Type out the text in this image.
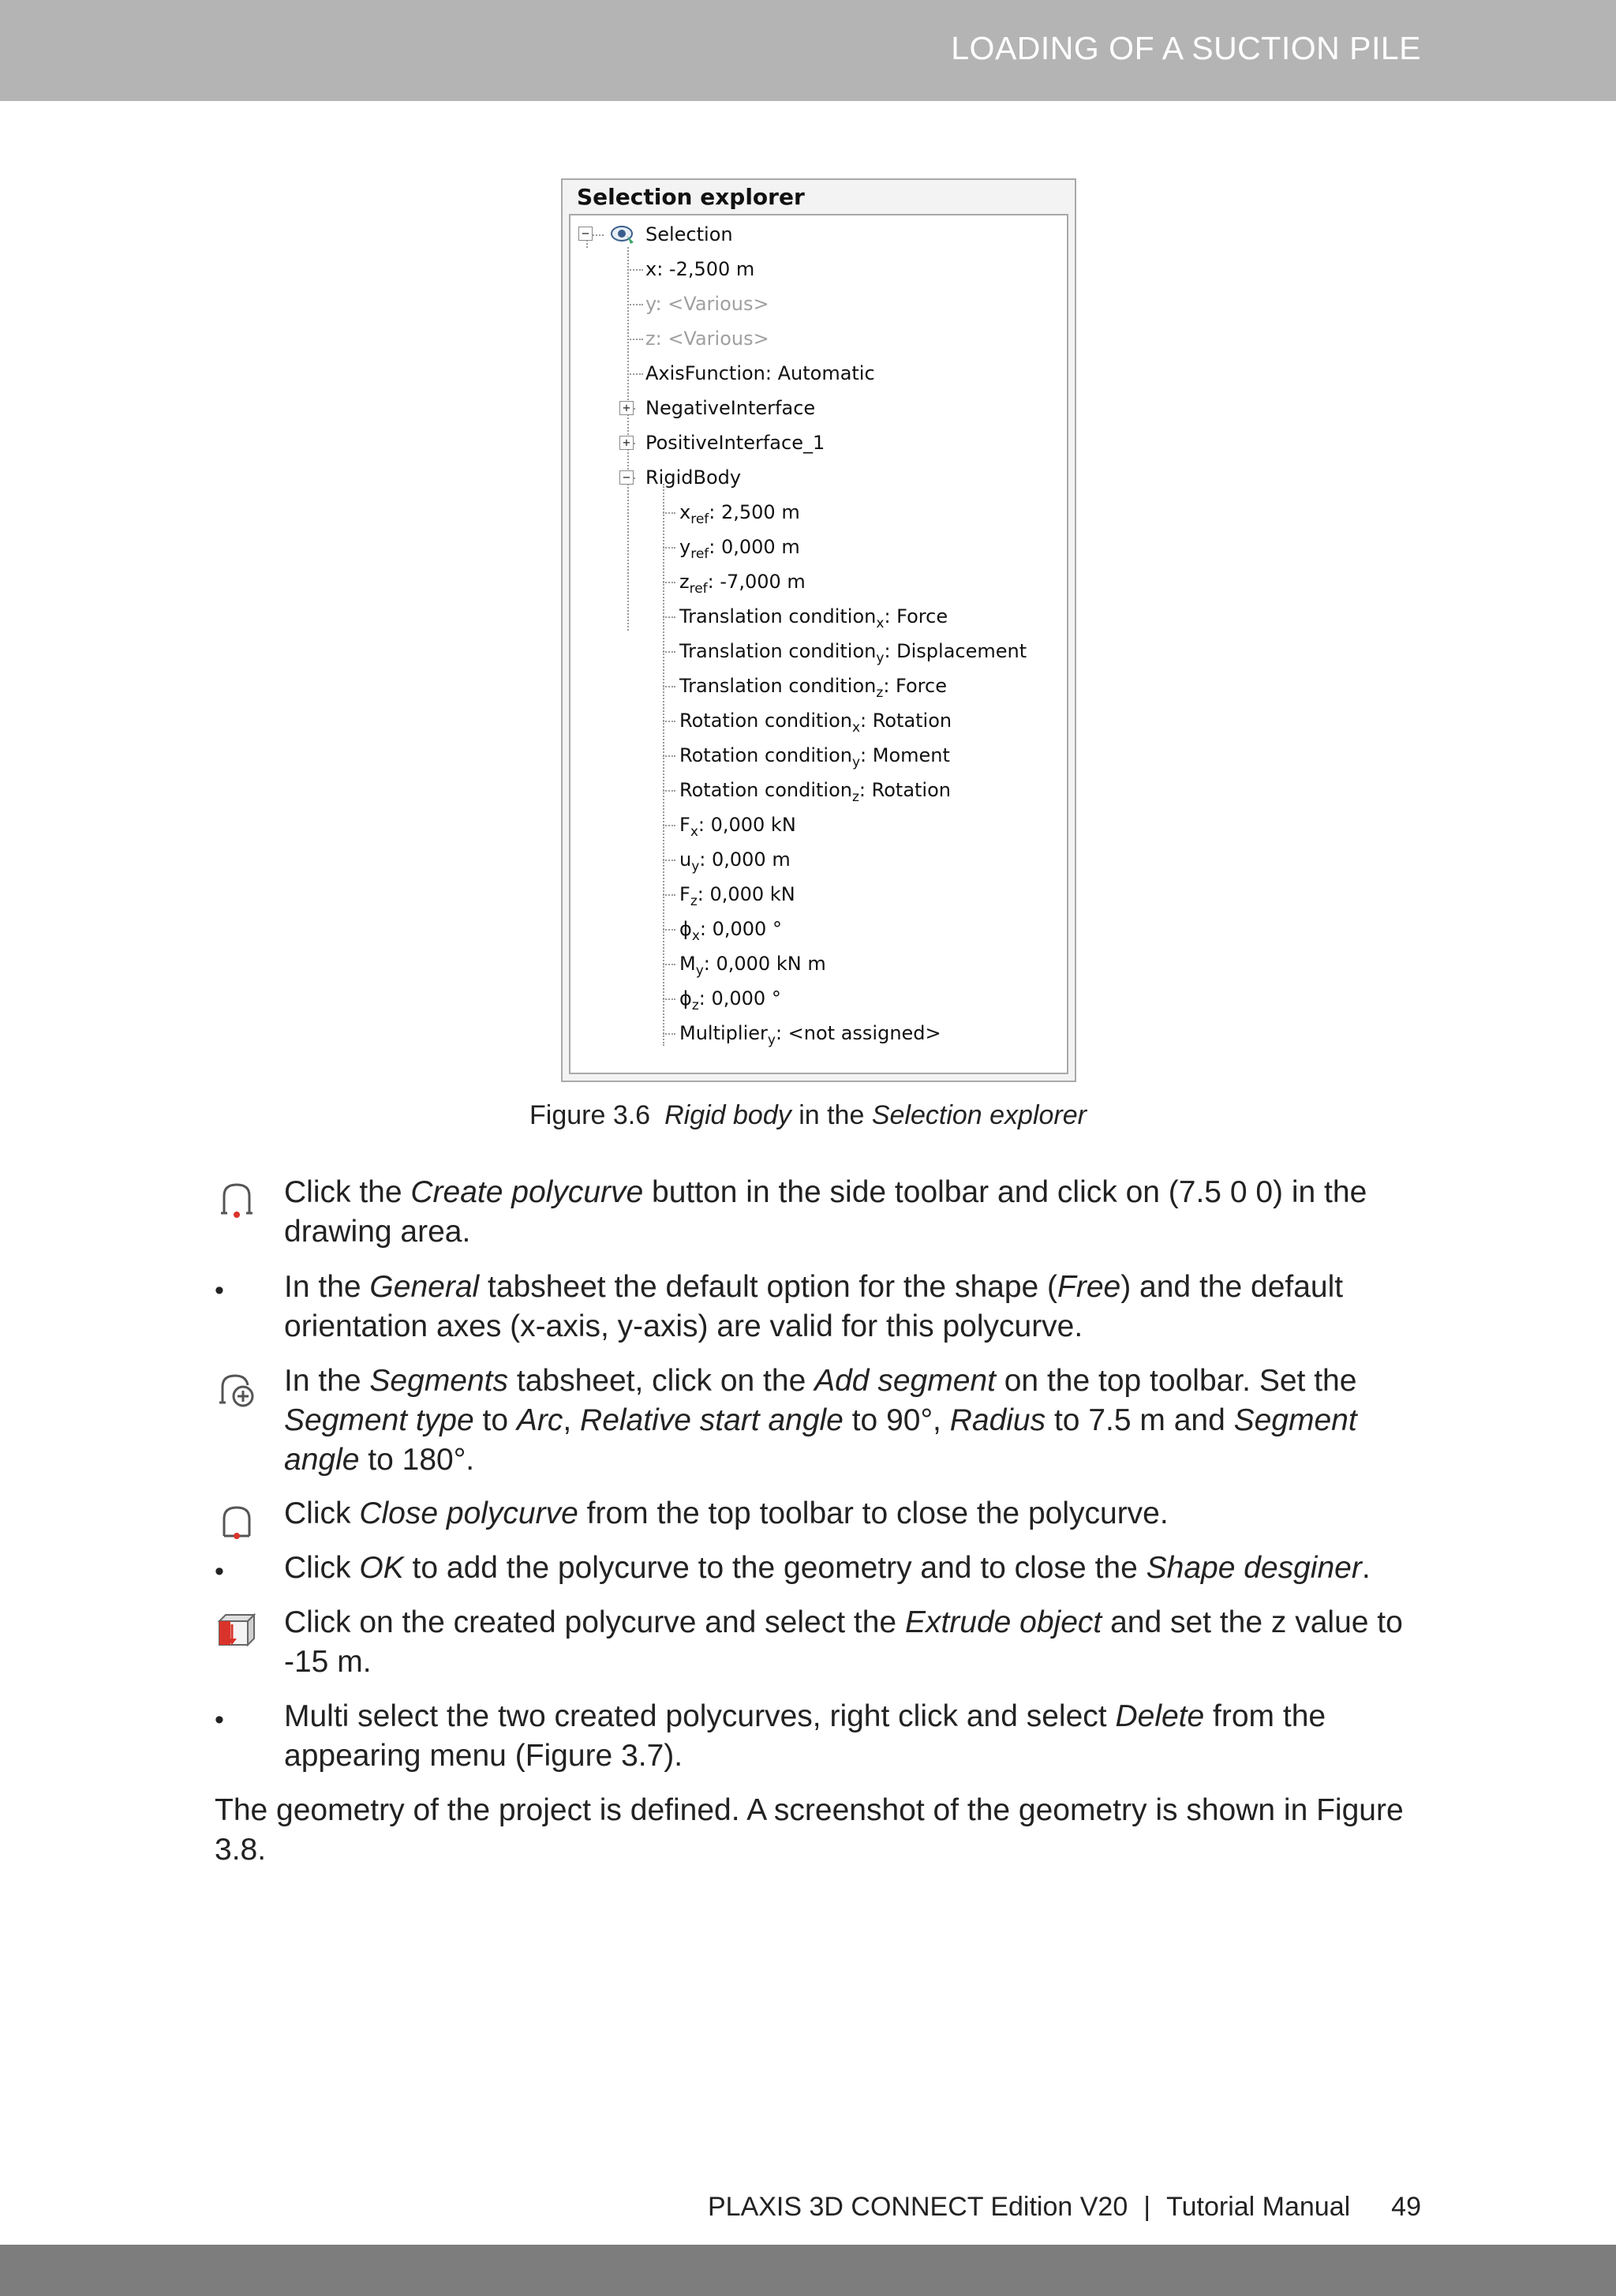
LOADING OF A SUCTION PILE
Selection explorer
−	Selection
x: -2,500 m
y: <Various>
z: <Various>
AxisFunction: Automatic
+ NegativeInterface
+ PositiveInterface_1
− RigidBody
$x_{ref}$: 2,500 m
$y_{ref}$: 0,000 m
$z_{ref}$: -7,000 m
Translation condition$_x$: Force
Translation condition$_y$: Displacement
Translation condition$_z$: Force
Rotation condition$_x$: Rotation
Rotation condition$_y$: Moment
Rotation condition$_z$: Rotation
$F_x$: 0,000 kN
$u_y$: 0,000 m
$F_z$: 0,000 kN
$\phi_x$: 0,000 °
$M_y$: 0,000 kN m
$\phi_z$: 0,000 °
Multiplier$_y$: <not assigned>
Figure 3.6 Rigid body in the Selection explorer
Click the Create polycurve button in the side toolbar and click on (7.5 0 0) in the drawing area.
• In the General tabsheet the default option for the shape (Free) and the default orientation axes (x-axis, y-axis) are valid for this polycurve.
In the Segments tabsheet, click on the Add segment on the top toolbar. Set the Segment type to Arc, Relative start angle to 90°, Radius to 7.5 m and Segment angle to 180°.
Click Close polycurve from the top toolbar to close the polycurve.
• Click OK to add the polycurve to the geometry and to close the Shape desginer.
Click on the created polycurve and select the Extrude object and set the z value to -15 m.
• Multi select the two created polycurves, right click and select Delete from the appearing menu (Figure 3.7).
The geometry of the project is defined. A screenshot of the geometry is shown in Figure 3.8.
PLAXIS 3D CONNECT Edition V20 | Tutorial Manual 49
